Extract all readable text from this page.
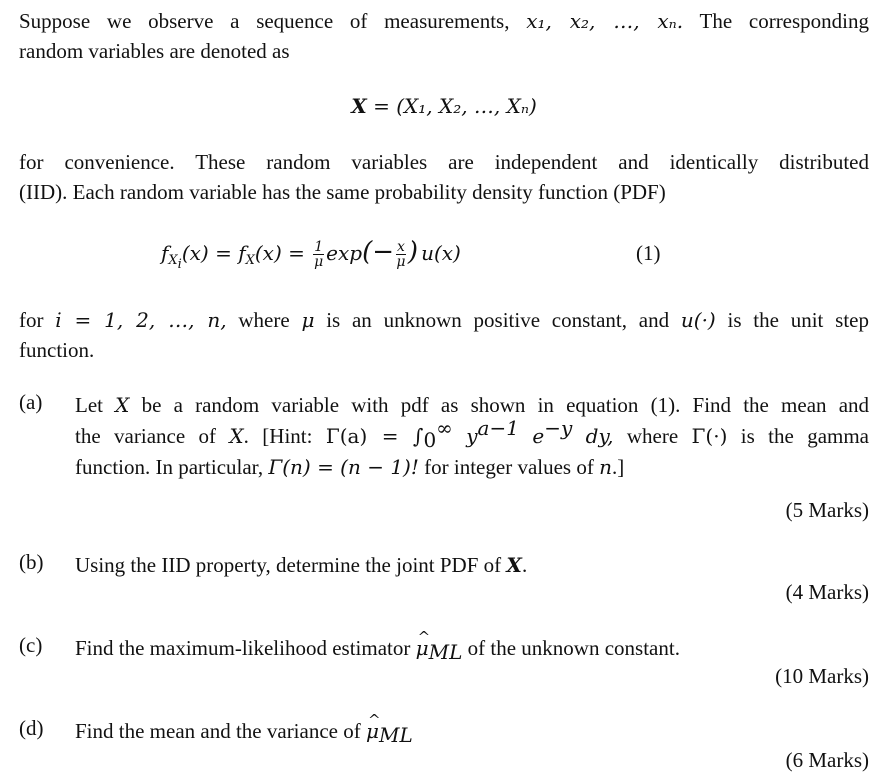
Suppose we observe a sequence of measurements, x₁, x₂, …, xₙ. The corresponding
random variables are denoted as
X = (X₁, X₂, …, Xₙ)
for convenience. These random variables are independent and identically distributed
(IID). Each random variable has the same probability density function (PDF)
$f_{X_i}(x) = f_X(x) = \frac{1}{\mu} \exp(- \frac{x}{\mu}$ ) u(x)	(1)
for i = 1, 2, …, n, where μ is an unknown positive constant, and u(·) is the unit step
function.
(a) Let X be a random variable with pdf as shown in equation (1). Find the mean and
the variance of X. [Hint: $\Gamma(a) = \int_0^\infty$ $y^{a-1}$ $e^{-y}$ dy, where Γ(·) is the gamma
function. In particular, Γ(n) = (n − 1)! for integer values of n.]
(5 Marks)
(b) Using the IID property, determine the joint PDF of X.
(4 Marks)
(c) Find the maximum-likelihood estimator ^ $\mu_{ML}$ of the unknown constant.
(10 Marks)
(d) Find the mean and the variance of ^ $\mu_{ML}$
(6 Marks)
